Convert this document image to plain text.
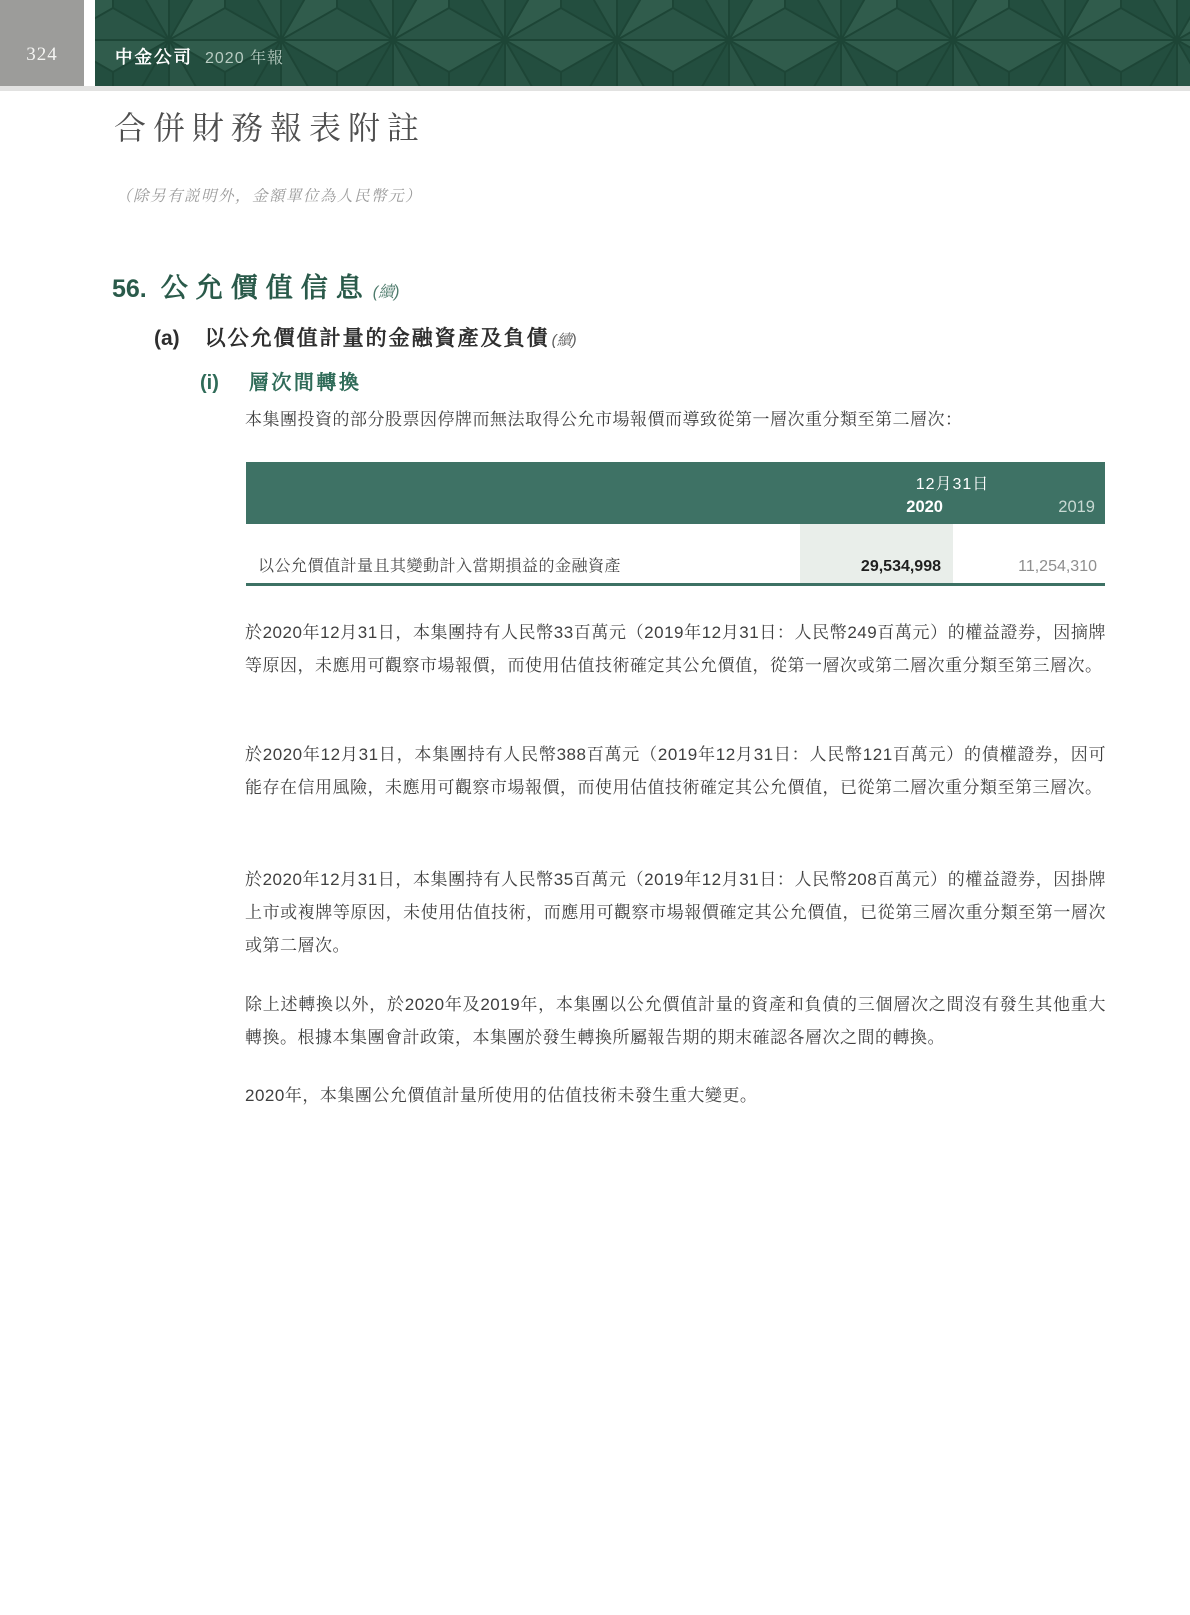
324	中金公司 2020 年報
合併財務報表附註
（除另有説明外，金額單位為人民幣元）
56. 公允價值信息 (續)
(a) 以公允價值計量的金融資產及負債 (續)
(i) 層次間轉換
本集團投資的部分股票因停牌而無法取得公允市場報價而導致從第一層次重分類至第二層次：
12月31日
2020	2019
以公允價值計量且其變動計入當期損益的金融資產	29,534,998	11,254,310
於2020年12月31日，本集團持有人民幣33百萬元（2019年12月31日：人民幣249百萬元）的權益證券，因摘牌等原因，未應用可觀察市場報價，而使用估值技術確定其公允價值，從第一層次或第二層次重分類至第三層次。
於2020年12月31日，本集團持有人民幣388百萬元（2019年12月31日：人民幣121百萬元）的債權證券，因可能存在信用風險，未應用可觀察市場報價，而使用估值技術確定其公允價值，已從第二層次重分類至第三層次。
於2020年12月31日，本集團持有人民幣35百萬元（2019年12月31日：人民幣208百萬元）的權益證券，因掛牌上市或複牌等原因，未使用估值技術，而應用可觀察市場報價確定其公允價值，已從第三層次重分類至第一層次或第二層次。
除上述轉換以外，於2020年及2019年，本集團以公允價值計量的資產和負債的三個層次之間沒有發生其他重大轉換。根據本集團會計政策，本集團於發生轉換所屬報告期的期末確認各層次之間的轉換。
2020年，本集團公允價值計量所使用的估值技術未發生重大變更。
